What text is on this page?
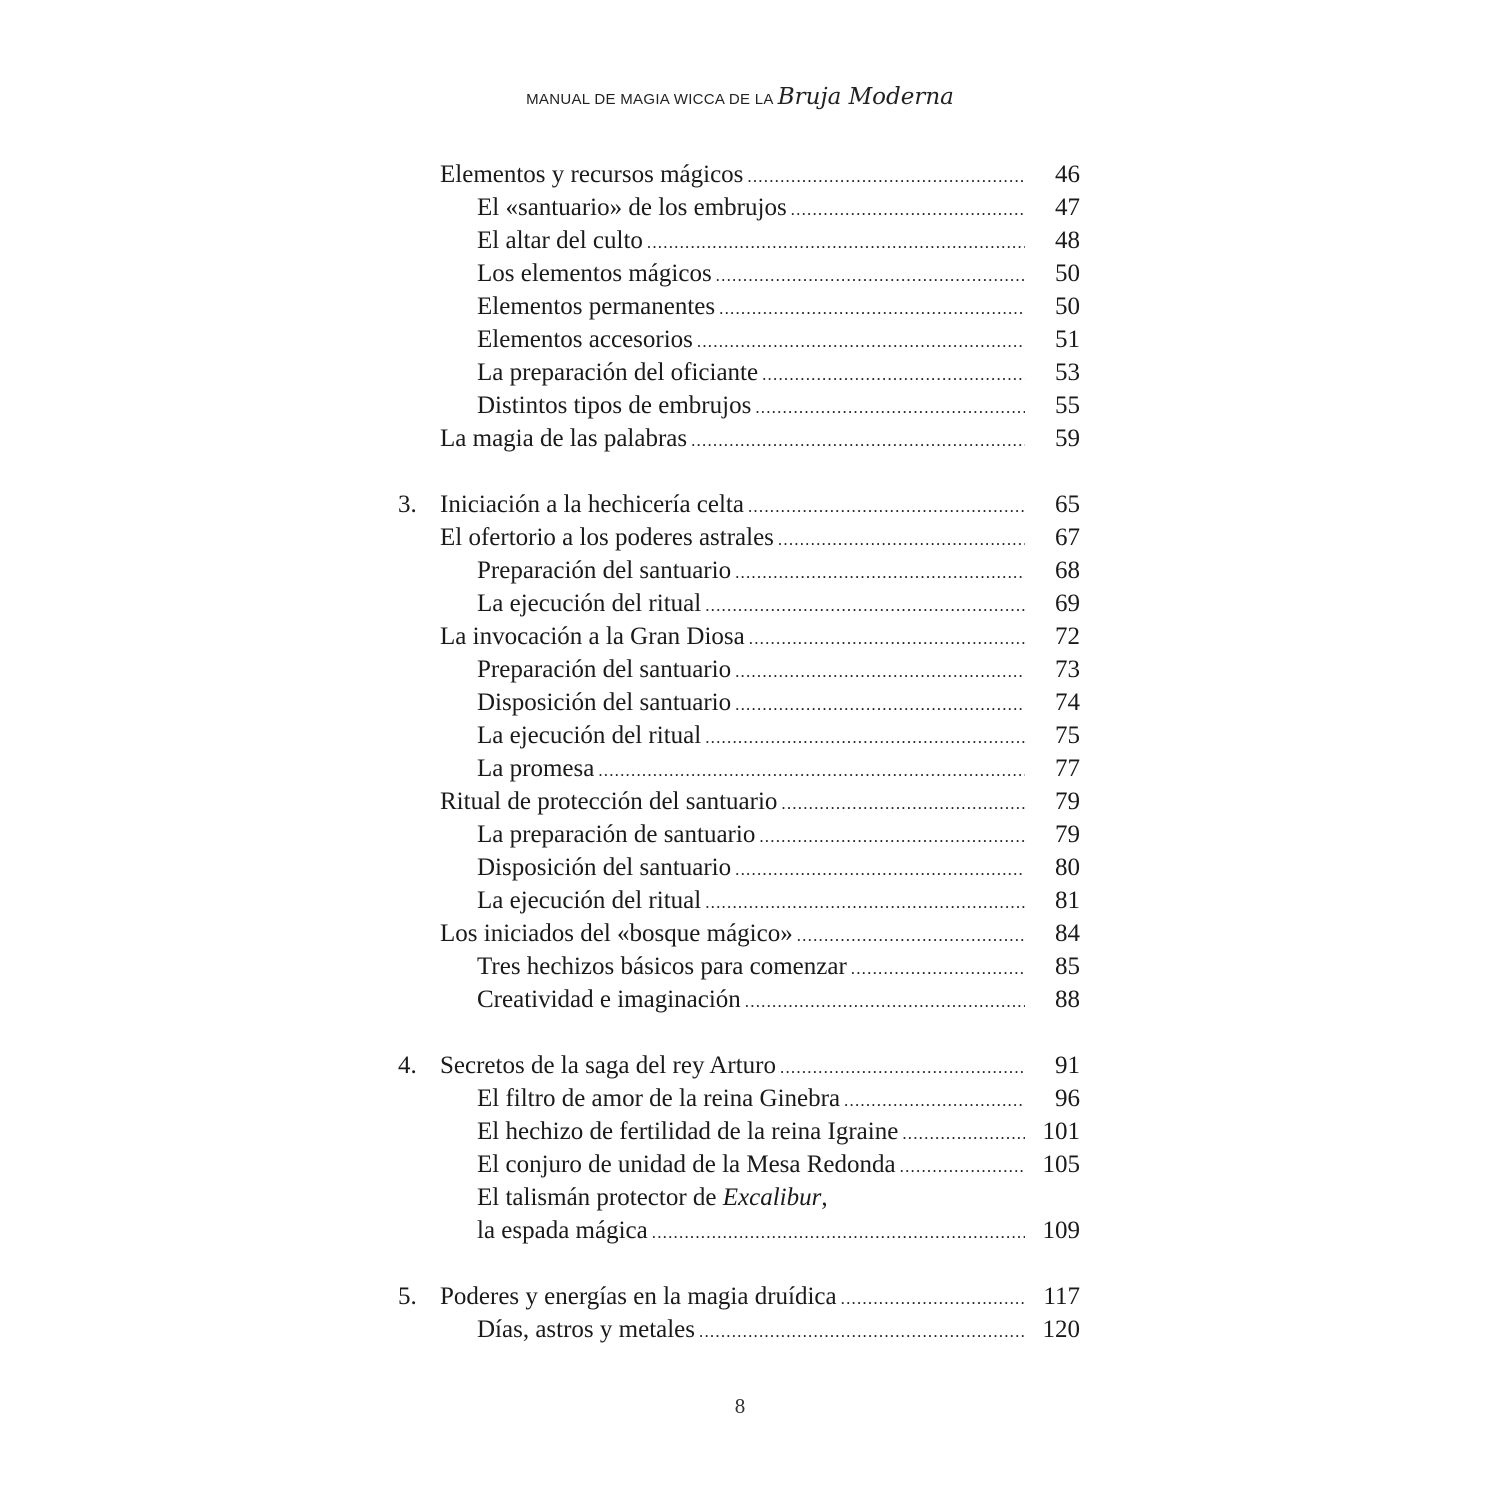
MANUAL DE MAGIA WICCA DE LA Bruja Moderna
Elementos y recursos mágicos .....	46
El «santuario» de los embrujos .....	47
El altar del culto .....	48
Los elementos mágicos .....	50
Elementos permanentes .....	50
Elementos accesorios .....	51
La preparación del oficiante .....	53
Distintos tipos de embrujos .....	55
La magia de las palabras .....	59
3. Iniciación a la hechicería celta .....	65
El ofertorio a los poderes astrales .....	67
Preparación del santuario .....	68
La ejecución del ritual .....	69
La invocación a la Gran Diosa .....	72
Preparación del santuario .....	73
Disposición del santuario .....	74
La ejecución del ritual .....	75
La promesa .....	77
Ritual de protección del santuario .....	79
La preparación de santuario .....	79
Disposición del santuario .....	80
La ejecución del ritual .....	81
Los iniciados del «bosque mágico» .....	84
Tres hechizos básicos para comenzar .....	85
Creatividad e imaginación .....	88
4. Secretos de la saga del rey Arturo .....	91
El filtro de amor de la reina Ginebra .....	96
El hechizo de fertilidad de la reina Igraine .....	101
El conjuro de unidad de la Mesa Redonda .....	105
El talismán protector de Excalibur,
la espada mágica .....	109
5. Poderes y energías en la magia druídica .....	117
Días, astros y metales .....	120
8
